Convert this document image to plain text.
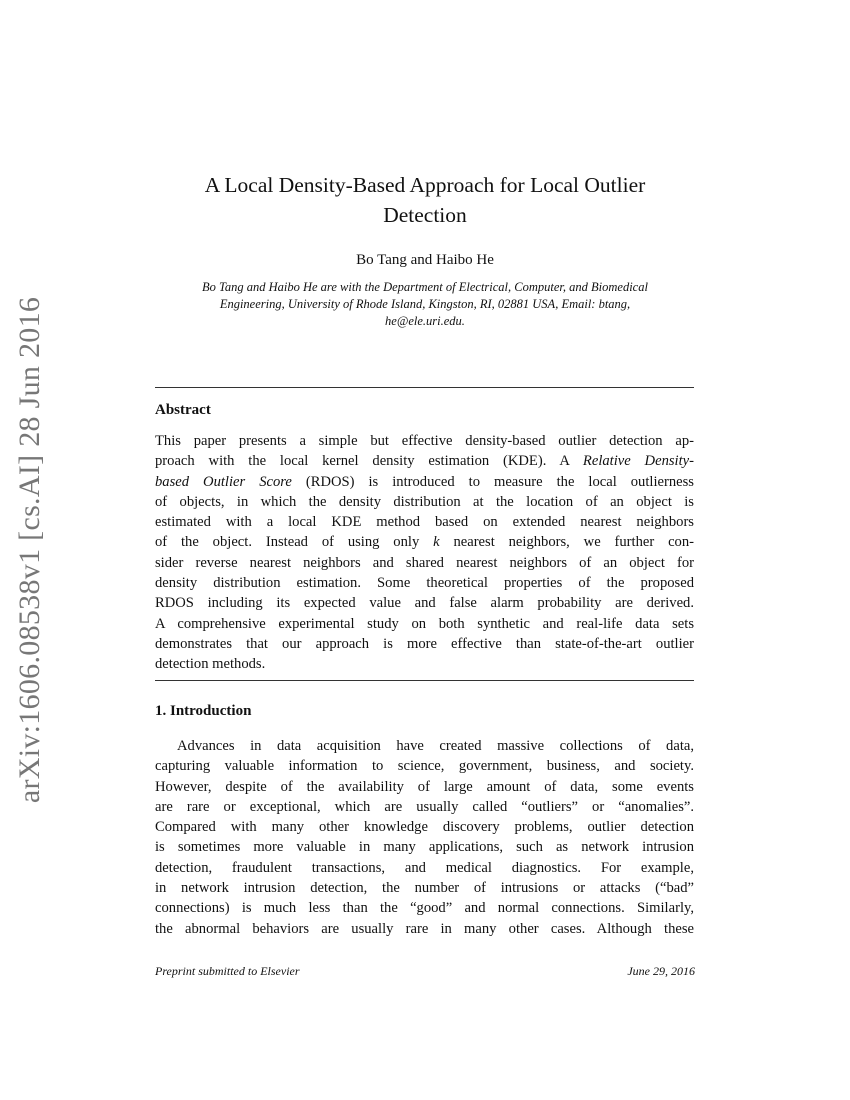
arXiv:1606.08538v1 [cs.AI] 28 Jun 2016
A Local Density-Based Approach for Local Outlier
Detection
Bo Tang and Haibo He
Bo Tang and Haibo He are with the Department of Electrical, Computer, and Biomedical
Engineering, University of Rhode Island, Kingston, RI, 02881 USA, Email: btang,
he@ele.uri.edu.
Abstract
This paper presents a simple but effective density-based outlier detection ap-
proach with the local kernel density estimation (KDE). A Relative Density-
based Outlier Score (RDOS) is introduced to measure the local outlierness
of objects, in which the density distribution at the location of an object is
estimated with a local KDE method based on extended nearest neighbors
of the object. Instead of using only k nearest neighbors, we further con-
sider reverse nearest neighbors and shared nearest neighbors of an object for
density distribution estimation. Some theoretical properties of the proposed
RDOS including its expected value and false alarm probability are derived.
A comprehensive experimental study on both synthetic and real-life data sets
demonstrates that our approach is more effective than state-of-the-art outlier
detection methods.
1. Introduction
Advances in data acquisition have created massive collections of data,
capturing valuable information to science, government, business, and society.
However, despite of the availability of large amount of data, some events
are rare or exceptional, which are usually called “outliers” or “anomalies”.
Compared with many other knowledge discovery problems, outlier detection
is sometimes more valuable in many applications, such as network intrusion
detection, fraudulent transactions, and medical diagnostics. For example,
in network intrusion detection, the number of intrusions or attacks (“bad”
connections) is much less than the “good” and normal connections. Similarly,
the abnormal behaviors are usually rare in many other cases. Although these
Preprint submitted to Elsevier	June 29, 2016
